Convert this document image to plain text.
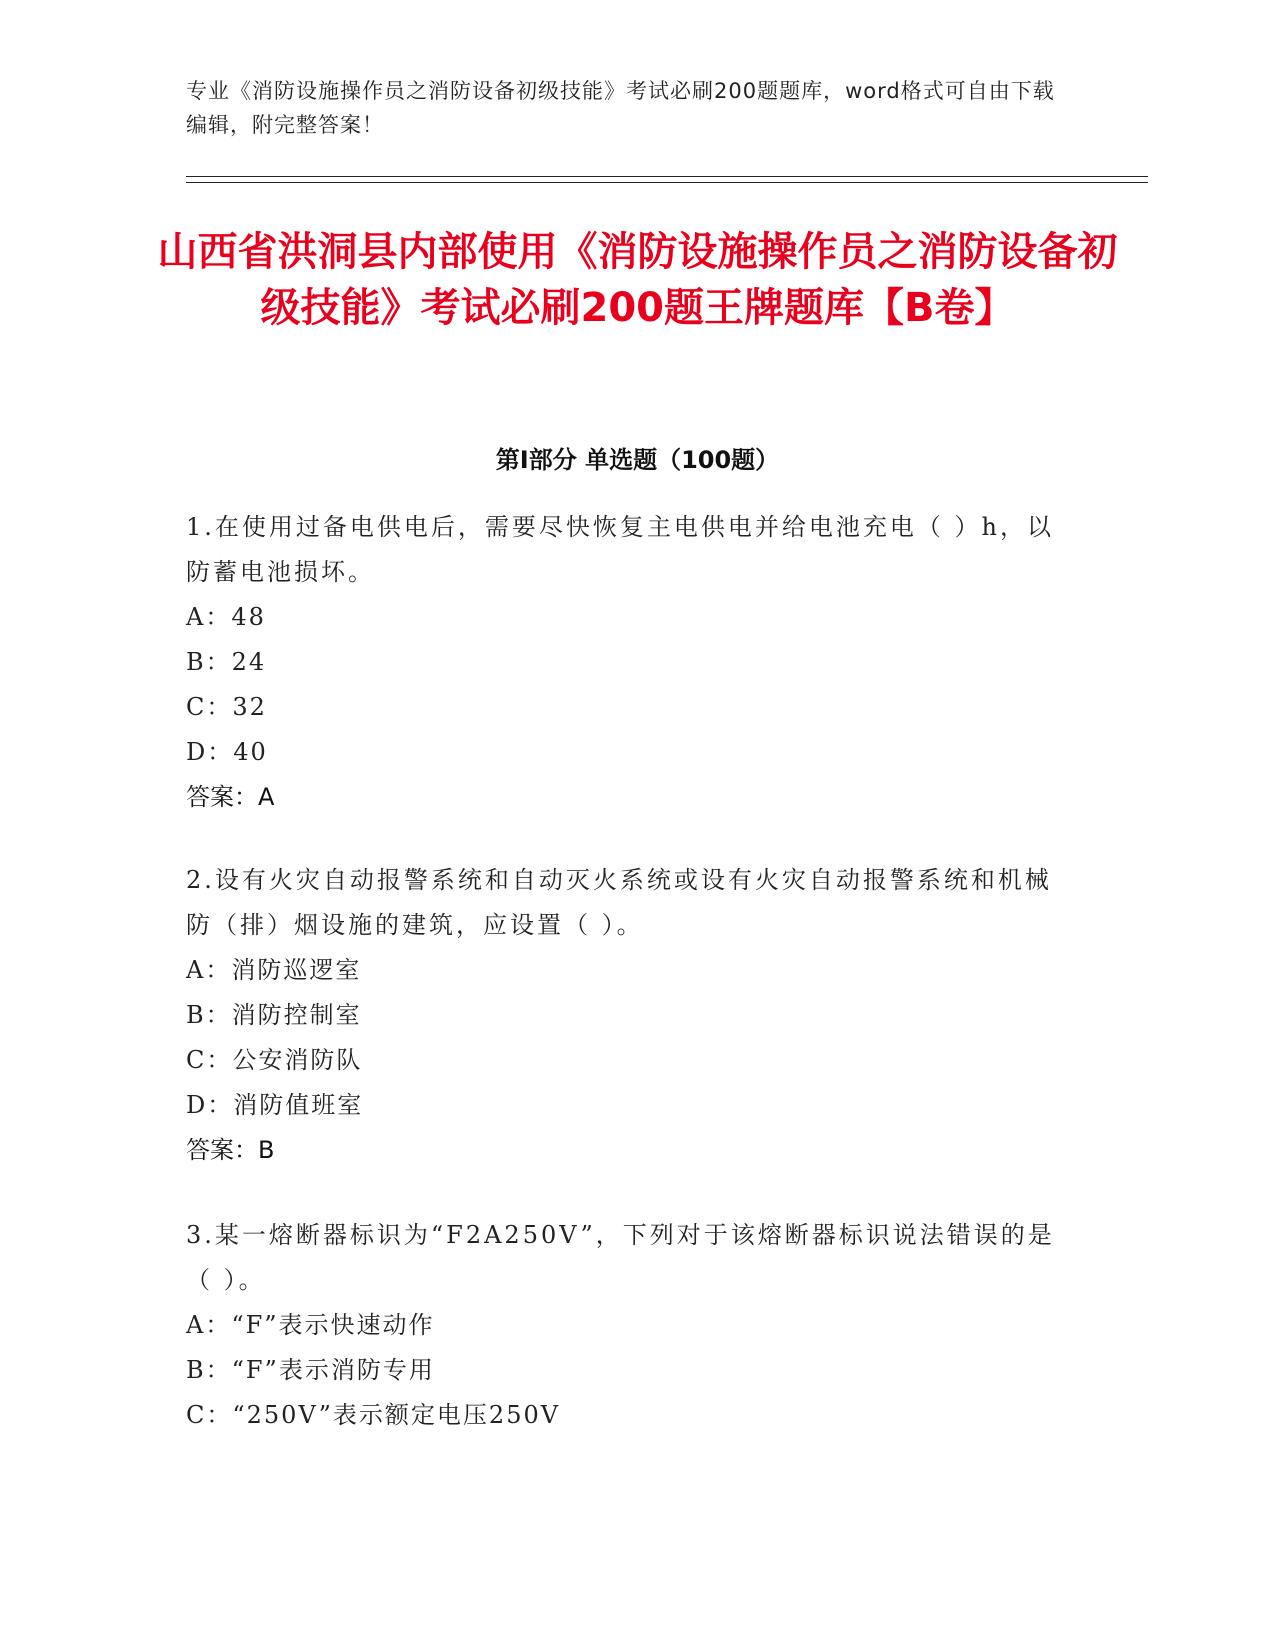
专业《消防设施操作员之消防设备初级技能》考试必刷200题题库，word格式可自由下载编辑，附完整答案！
山西省洪洞县内部使用《消防设施操作员之消防设备初级技能》考试必刷200题王牌题库【B卷】
第I部分 单选题（100题）
1.在使用过备电供电后，需要尽快恢复主电供电并给电池充电（ ）h，以防蓄电池损坏。
A：48
B：24
C：32
D：40
答案：A
2.设有火灾自动报警系统和自动灭火系统或设有火灾自动报警系统和机械防（排）烟设施的建筑，应设置（ ）。
A：消防巡逻室
B：消防控制室
C：公安消防队
D：消防值班室
答案：B
3.某一熔断器标识为“F2A250V”，下列对于该熔断器标识说法错误的是（ ）。
A：“F”表示快速动作
B：“F”表示消防专用
C：“250V”表示额定电压250V
